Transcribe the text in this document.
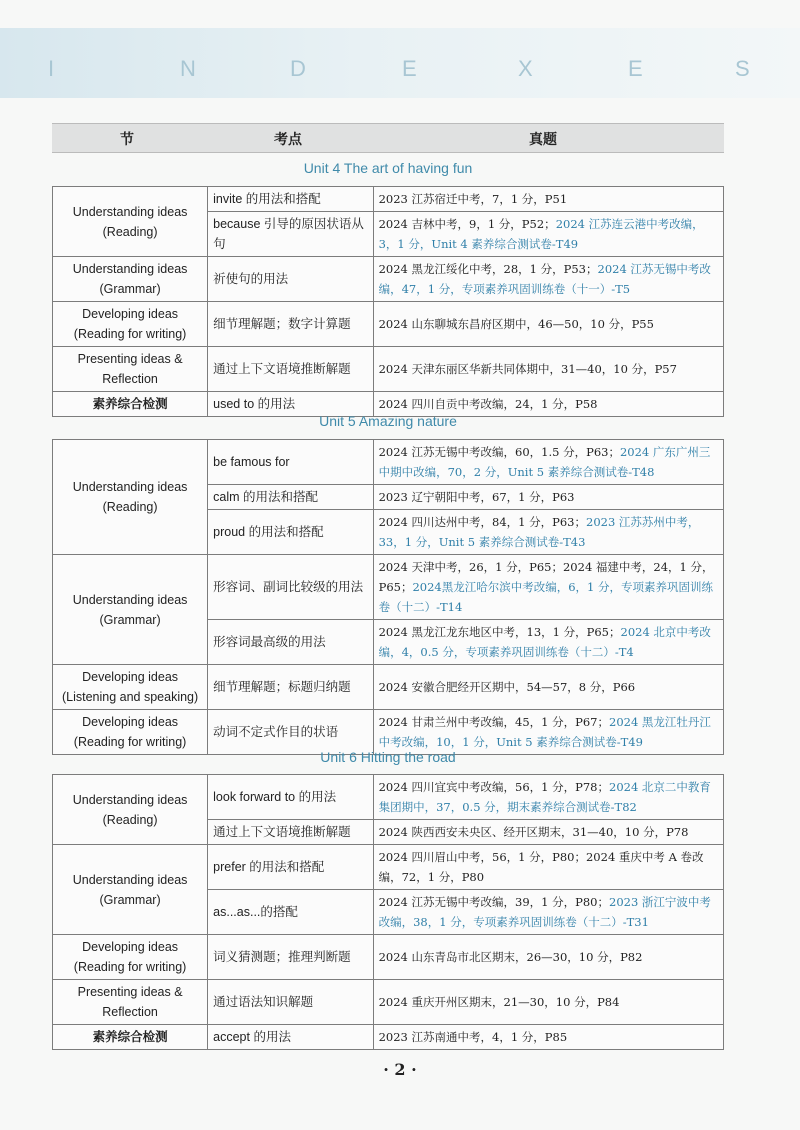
I	N	D	E	X	E	S
节	考点	真题
Unit 4 The art of having fun
Understanding ideas (Reading)	invite 的用法和搭配	2023 江苏宿迁中考，7，1 分，P51
	because 引导的原因状语从句	2024 吉林中考，9，1 分，P52；2024 江苏连云港中考改编，3，1 分，Unit 4 素养综合测试卷-T49
Understanding ideas (Grammar)	祈使句的用法	2024 黑龙江绥化中考，28，1 分，P53；2024 江苏无锡中考改编，47，1 分，专项素养巩固训练卷（十一）-T5
Developing ideas (Reading for writing)	细节理解题；数字计算题	2024 山东聊城东昌府区期中，46—50，10 分，P55
Presenting ideas & Reflection	通过上下文语境推断解题	2024 天津东丽区华新共同体期中，31—40，10 分，P57
素养综合检测	used to 的用法	2024 四川自贡中考改编，24，1 分，P58
Unit 5 Amazing nature
Understanding ideas (Reading)	be famous for	2024 江苏无锡中考改编，60，1.5 分，P63；2024 广东广州三中期中改编，70，2 分，Unit 5 素养综合测试卷-T48
	calm 的用法和搭配	2023 辽宁朝阳中考，67，1 分，P63
	proud 的用法和搭配	2024 四川达州中考，84，1 分，P63；2023 江苏苏州中考，33，1 分，Unit 5 素养综合测试卷-T43
Understanding ideas (Grammar)	形容词、副词比较级的用法	2024 天津中考，26，1 分，P65；2024 福建中考，24，1 分，P65；2024黑龙江哈尔滨中考改编，6，1 分，专项素养巩固训练卷（十二）-T14
	形容词最高级的用法	2024 黑龙江龙东地区中考，13，1 分，P65；2024 北京中考改编，4，0.5 分，专项素养巩固训练卷（十二）-T4
Developing ideas (Listening and speaking)	细节理解题；标题归纳题	2024 安徽合肥经开区期中，54—57，8 分，P66
Developing ideas (Reading for writing)	动词不定式作目的状语	2024 甘肃兰州中考改编，45，1 分，P67；2024 黑龙江牡丹江中考改编，10，1 分，Unit 5 素养综合测试卷-T49
Unit 6 Hitting the road
Understanding ideas (Reading)	look forward to 的用法	2024 四川宜宾中考改编，56，1 分，P78；2024 北京二中教育集团期中，37，0.5 分，期末素养综合测试卷-T82
	通过上下文语境推断解题	2024 陕西西安未央区、经开区期末，31—40，10 分，P78
Understanding ideas (Grammar)	prefer 的用法和搭配	2024 四川眉山中考，56，1 分，P80；2024 重庆中考 A 卷改编，72，1 分，P80
	as...as...的搭配	2024 江苏无锡中考改编，39，1 分，P80；2023 浙江宁波中考改编，38，1 分，专项素养巩固训练卷（十二）-T31
Developing ideas (Reading for writing)	词义猜测题；推理判断题	2024 山东青岛市北区期末，26—30，10 分，P82
Presenting ideas & Reflection	通过语法知识解题	2024 重庆开州区期末，21—30，10 分，P84
素养综合检测	accept 的用法	2023 江苏南通中考，4，1 分，P85
· 2 ·
